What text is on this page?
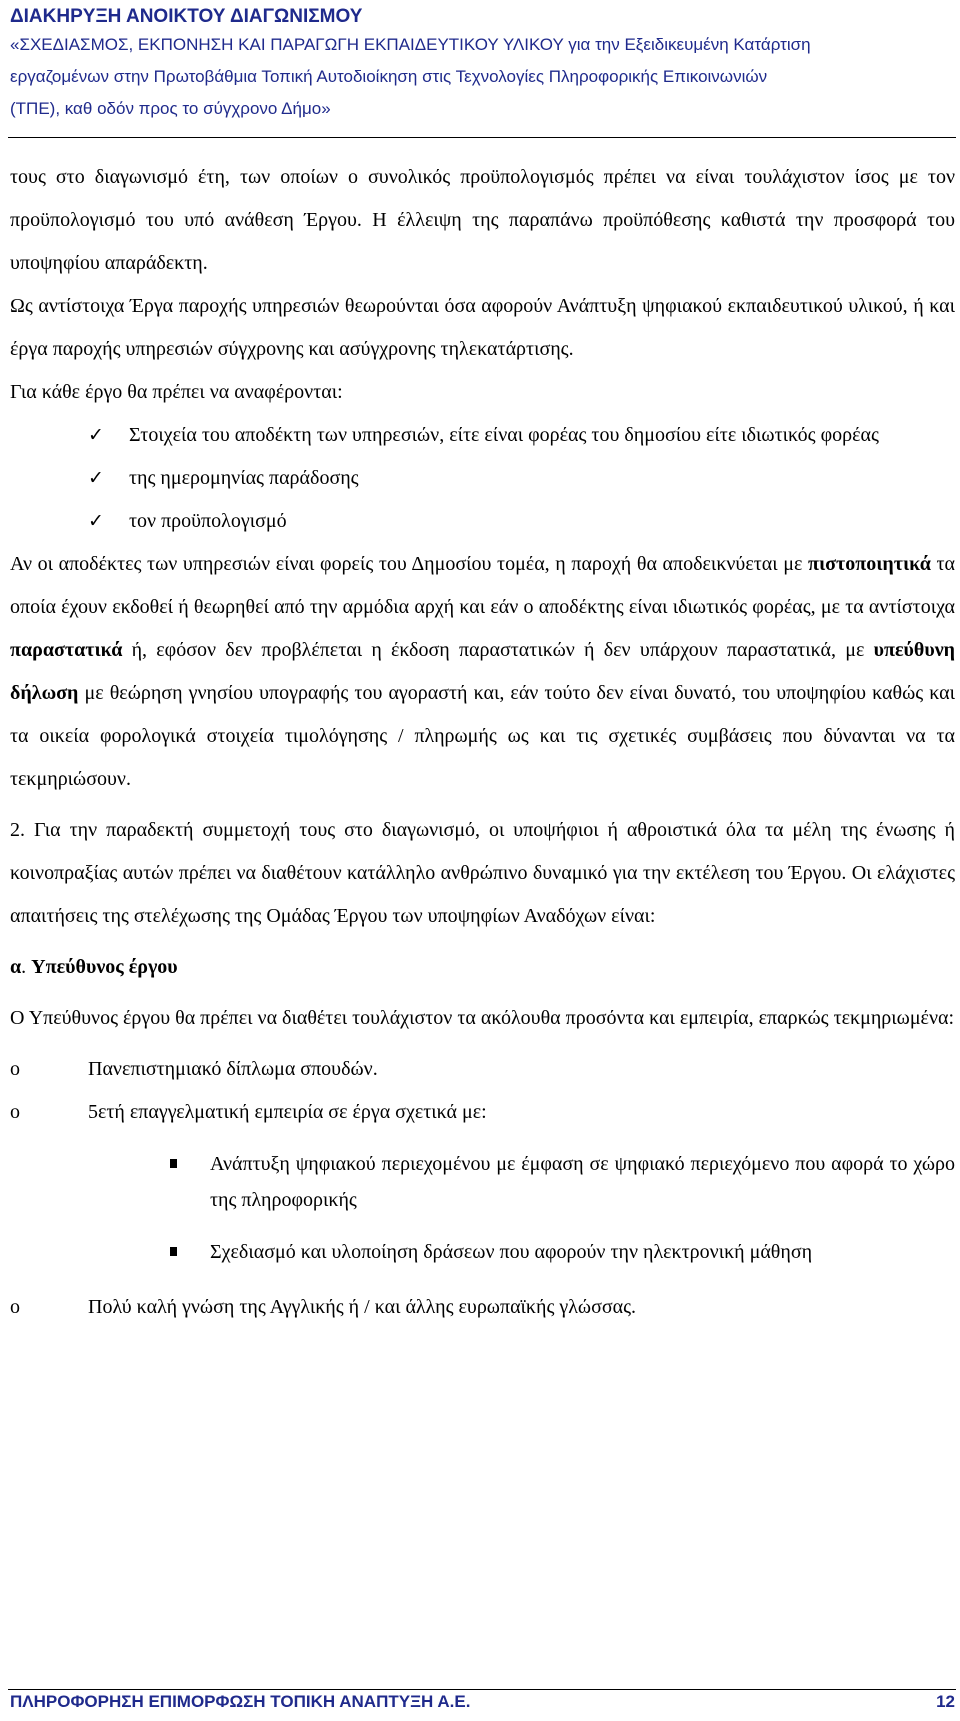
ΔΙΑΚΗΡΥΞΗ ΑΝΟΙΚΤΟΥ ΔΙΑΓΩΝΙΣΜΟΥ
«ΣΧΕΔΙΑΣΜΟΣ, ΕΚΠΟΝΗΣΗ ΚΑΙ ΠΑΡΑΓΩΓΗ ΕΚΠΑΙΔΕΥΤΙΚΟΥ ΥΛΙΚΟΥ για την Εξειδικευμένη Κατάρτιση
εργαζομένων στην Πρωτοβάθμια Τοπική Αυτοδιοίκηση στις Τεχνολογίες Πληροφορικής Επικοινωνιών
(ΤΠΕ), καθ οδόν προς το σύγχρονο Δήμο»

τους στο διαγωνισμό έτη, των οποίων ο συνολικός προϋπολογισμός πρέπει να είναι τουλάχιστον ίσος με τον προϋπολογισμό του υπό ανάθεση Έργου. Η έλλειψη της παραπάνω προϋπόθεσης καθιστά την προσφορά του υποψηφίου απαράδεκτη.

Ως αντίστοιχα Έργα παροχής υπηρεσιών θεωρούνται όσα αφορούν Ανάπτυξη ψηφιακού εκπαιδευτικού υλικού, ή και έργα παροχής υπηρεσιών σύγχρονης και ασύγχρονης τηλεκατάρτισης.

Για κάθε έργο θα πρέπει να αναφέρονται:

✓	Στοιχεία του αποδέκτη των υπηρεσιών, είτε είναι φορέας του δημοσίου είτε ιδιωτικός φορέας
✓	της ημερομηνίας παράδοσης
✓	τον προϋπολογισμό

Αν οι αποδέκτες των υπηρεσιών είναι φορείς του Δημοσίου τομέα, η παροχή θα αποδεικνύεται με πιστοποιητικά τα οποία έχουν εκδοθεί ή θεωρηθεί από την αρμόδια αρχή και εάν ο αποδέκτης είναι ιδιωτικός φορέας, με τα αντίστοιχα παραστατικά ή, εφόσον δεν προβλέπεται η έκδοση παραστατικών ή δεν υπάρχουν παραστατικά, με υπεύθυνη δήλωση με θεώρηση γνησίου υπογραφής του αγοραστή και, εάν τούτο δεν είναι δυνατό, του υποψηφίου καθώς και τα οικεία φορολογικά στοιχεία τιμολόγησης / πληρωμής ως και τις σχετικές συμβάσεις που δύνανται να τα τεκμηριώσουν.

2. Για την παραδεκτή συμμετοχή τους στο διαγωνισμό, οι υποψήφιοι ή αθροιστικά όλα τα μέλη της ένωσης ή κοινοπραξίας αυτών πρέπει να διαθέτουν κατάλληλο ανθρώπινο δυναμικό για την εκτέλεση του Έργου. Οι ελάχιστες απαιτήσεις της στελέχωσης της Ομάδας Έργου των υποψηφίων Αναδόχων είναι:

α. Υπεύθυνος έργου

Ο Υπεύθυνος έργου θα πρέπει να διαθέτει τουλάχιστον τα ακόλουθα προσόντα και εμπειρία, επαρκώς τεκμηριωμένα:

o	Πανεπιστημιακό δίπλωμα σπουδών.
o	5ετή επαγγελματική εμπειρία σε έργα σχετικά με:
Ανάπτυξη ψηφιακού περιεχομένου με έμφαση σε ψηφιακό περιεχόμενο που αφορά το χώρο της πληροφορικής
Σχεδιασμό και υλοποίηση δράσεων που αφορούν την ηλεκτρονική μάθηση
o	Πολύ καλή γνώση της Αγγλικής ή / και άλλης ευρωπαϊκής γλώσσας.
ΠΛΗΡΟΦΟΡΗΣΗ ΕΠΙΜΟΡΦΩΣΗ ΤΟΠΙΚΗ ΑΝΑΠΤΥΞΗ Α.Ε.	12
